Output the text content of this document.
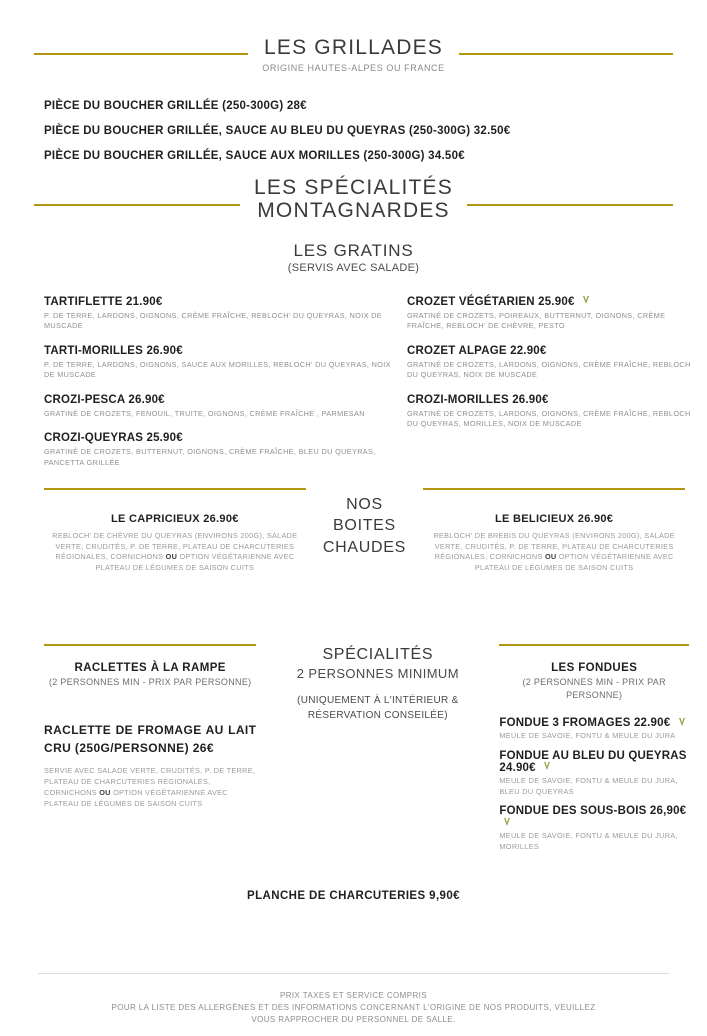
LES GRILLADES
ORIGINE HAUTES-ALPES OU FRANCE
PIÈCE DU BOUCHER GRILLÉE (250-300G) 28€
PIÈCE DU BOUCHER GRILLÉE, SAUCE AU BLEU DU QUEYRAS (250-300G) 32.50€
PIÈCE DU BOUCHER GRILLÉE, SAUCE AUX MORILLES (250-300G) 34.50€
LES SPÉCIALITÉS
MONTAGNARDES
LES GRATINS
(SERVIS AVEC SALADE)
TARTIFLETTE 21.90€
P. DE TERRE, LARDONS, OIGNONS, CRÈME FRAÎCHE, REBLOCH' DU QUEYRAS, NOIX DE MUSCADE
TARTI-MORILLES 26.90€
P. DE TERRE, LARDONS, OIGNONS, SAUCE AUX MORILLES, REBLOCH' DU QUEYRAS, NOIX DE MUSCADE
CROZI-PESCA 26.90€
GRATINÉ DE CROZETS, FENOUIL, TRUITE, OIGNONS, CRÈME FRAÎCHE , PARMESAN
CROZI-QUEYRAS 25.90€
GRATINÉ DE CROZETS, BUTTERNUT, OIGNONS, CRÈME FRAÎCHE, BLEU DU QUEYRAS, PANCETTA GRILLÉE
CROZET VÉGÉTARIEN 25.90€
GRATINÉ DE CROZETS, POIREAUX, BUTTERNUT, OIGNONS, CRÈME FRAÎCHE, REBLOCH' DE CHÈVRE, PESTO
CROZET ALPAGE 22.90€
GRATINÉ DE CROZETS, LARDONS, OIGNONS, CRÈME FRAÎCHE, REBLOCH DU QUEYRAS, NOIX DE MUSCADE
CROZI-MORILLES 26.90€
GRATINÉ DE CROZETS, LARDONS, OIGNONS, CRÈME FRAÎCHE, REBLOCH DU QUEYRAS, MORILLES, NOIX DE MUSCADE
LE CAPRICIEUX 26.90€
REBLOCH' DE CHÈVRE DU QUEYRAS (ENVIRONS 200G), SALADE VERTE, CRUDITÉS, P. DE TERRE, PLATEAU DE CHARCUTERIES RÉGIONALES, CORNICHONS OU OPTION VÉGÉTARIENNE AVEC PLATEAU DE LÉGUMES DE SAISON CUITS
NOS BOITES
CHAUDES
LE BELICIEUX 26.90€
REBLOCH' DE BREBIS DU QUEYRAS (ENVIRONS 200G), SALADE VERTE, CRUDITÉS, P. DE TERRE, PLATEAU DE CHARCUTERIES RÉGIONALES, CORNICHONS OU OPTION VÉGÉTARIENNE AVEC PLATEAU DE LÉGUMES DE SAISON CUITS
RACLETTES À LA RAMPE
(2 PERSONNES MIN - PRIX PAR PERSONNE)
RACLETTE DE FROMAGE AU LAIT CRU (250G/PERSONNE) 26€
SERVIE AVEC SALADE VERTE, CRUDITÉS, P. DE TERRE, PLATEAU DE CHARCUTERIES RÉGIONALES, CORNICHONS OU OPTION VÉGÉTARIENNE AVEC PLATEAU DE LÉGUMES DE SAISON CUITS
SPÉCIALITÉS
2 PERSONNES MINIMUM
(UNIQUEMENT À L'INTÉRIEUR & RÉSERVATION CONSEILÉE)
LES FONDUES
(2 PERSONNES MIN - PRIX PAR PERSONNE)
FONDUE 3 FROMAGES 22.90€
MEULE DE SAVOIE, FONTU & MEULE DU JURA
FONDUE AU BLEU DU QUEYRAS 24.90€
MEULE DE SAVOIE, FONTU & MEULE DU JURA, BLEU DU QUEYRAS
FONDUE DES SOUS-BOIS 26,90€
MEULE DE SAVOIE, FONTU & MEULE DU JURA, MORILLES
PLANCHE DE CHARCUTERIES 9,90€
PRIX TAXES ET SERVICE COMPRIS
POUR LA LISTE DES ALLERGÈNES ET DES INFORMATIONS CONCERNANT L'ORIGINE DE NOS PRODUITS, VEUILLEZ
VOUS RAPPROCHER DU PERSONNEL DE SALLE.
